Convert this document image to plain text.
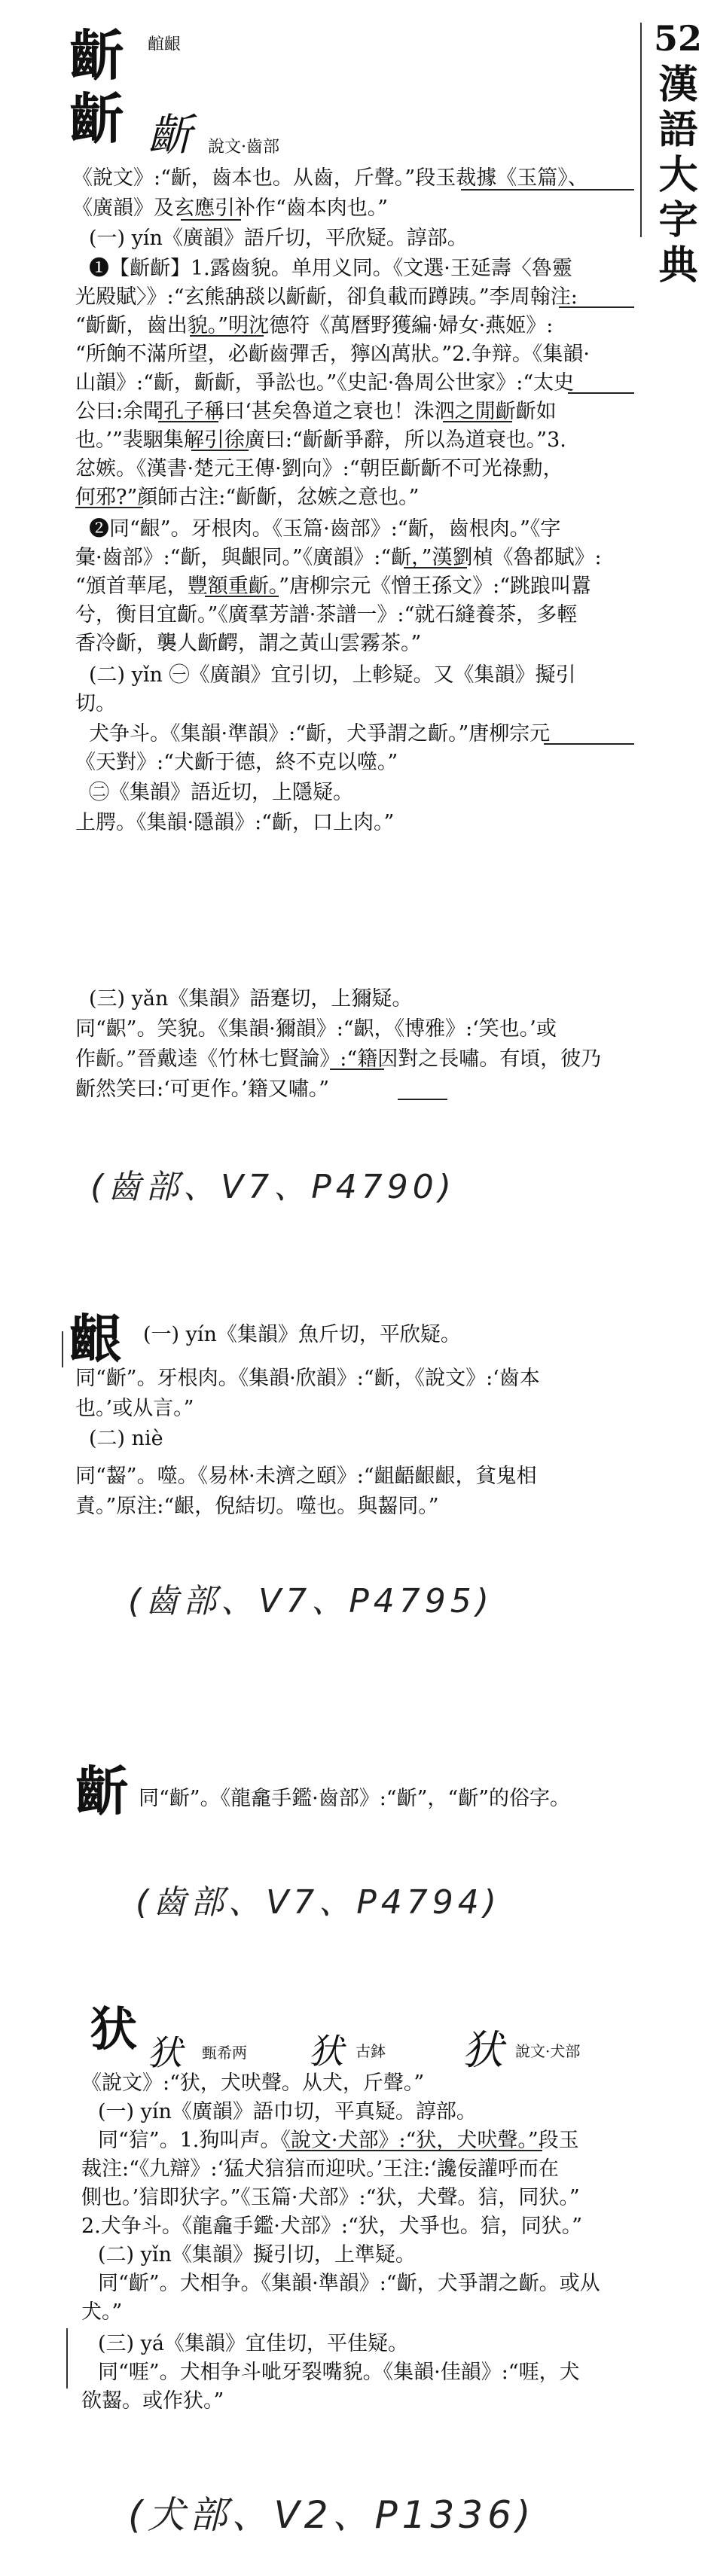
52
漢語大字典
齗 𪘲齦
齗 齗 說文·齒部
《說文》:“齗，齒本也。从齒，斤聲。”段玉裁據《玉篇》、
《廣韻》及玄應引补作“齒本肉也。”
(一) yín《廣韻》語斤切，平欣疑。諄部。
❶【齗齗】1.露齒貌。单用义同。《文選·王延壽〈魯靈
光殿賦〉》:“玄熊舑舕以齗齗，卻負載而蹲跠。”李周翰注:
“齗齗，齒出貌。”明沈德符《萬曆野獲編·婦女·燕姬》:
“所餉不滿所望，必齗齒彈舌，獰凶萬狀。”2.争辩。《集韻·
山韻》:“齗，齗齗，爭訟也。”《史記·魯周公世家》:“太史
公曰:余聞孔子稱曰‘甚矣魯道之衰也！洙泗之閒齗齗如
也。’”裴駰集解引徐廣曰:“齗齗爭辭，所以為道衰也。”3.
忿嫉。《漢書·楚元王傳·劉向》:“朝臣齗齗不可光祿勳，
何邪?”顔師古注:“齗齗，忿嫉之意也。”
❷同“齦”。牙根肉。《玉篇·齒部》:“齗，齒根肉。”《字
彙·齒部》:“齗，與齦同。”《廣韻》:“齗，”漢劉楨《魯都賦》:
“頒首華尾，豐額重齗。”唐柳宗元《憎王孫文》:“跳踉叫囂
兮，衡目宜齗。”《廣羣芳譜·茶譜一》:“就石縫養茶，多輕
香冷齗，襲人齗齶，謂之黃山雲霧茶。”
(二) yǐn ㊀《廣韻》宜引切，上軫疑。又《集韻》擬引
切。
犬争斗。《集韻·準韻》:“齗，犬爭謂之齗。”唐柳宗元
《天對》:“犬齗于德，終不克以噬。”
㊁《集韻》語近切，上隱疑。
上腭。《集韻·隱韻》:“齗，口上肉。”
(三) yǎn《集韻》語蹇切，上獮疑。
同“齞”。笑貌。《集韻·獮韻》:“齞，《博雅》:‘笑也。’或
作齗。”晉戴逵《竹林七賢論》:“籍因對之長嘯。有頃，彼乃
齗然笑曰:‘可更作。’籍又嘯。”
(齒部、V7、P4790)
齦 (一) yín《集韻》魚斤切，平欣疑。
同“齗”。牙根肉。《集韻·欣韻》:“齗，《說文》:‘齒本
也。’或从言。”
(二) niè
同“齧”。噬。《易林·未濟之頤》:“齟齬齦齦，貧鬼相
責。”原注:“齦，倪結切。噬也。與齧同。”
(齒部、V7、P4795)
齗 同“齗”。《龍龕手鑑·齒部》:“齗”，“齗”的俗字。
(齒部、V7、P4794)
犾 犾 甄希两 犾 古鉢 犾 說文·犬部
《說文》:“犾，犬吠聲。从犬，斤聲。”
(一) yín《廣韻》語巾切，平真疑。諄部。
同“狺”。1.狗叫声。《說文·犬部》:“犾，犬吠聲。”段玉
裁注:“《九辯》:‘猛犬狺狺而迎吠。’王注:‘讒佞讙呼而在
側也。’狺即犾字。”《玉篇·犬部》:“犾，犬聲。狺，同犾。”
2.犬争斗。《龍龕手鑑·犬部》:“犾，犬爭也。狺，同犾。”
(二) yǐn《集韻》擬引切，上準疑。
同“齗”。犬相争。《集韻·準韻》:“齗，犬爭謂之齗。或从
犬。”
(三) yá《集韻》宜佳切，平佳疑。
同“啀”。犬相争斗呲牙裂嘴貌。《集韻·佳韻》:“啀，犬
欲齧。或作犾。”
(犬部、V2、P1336)
